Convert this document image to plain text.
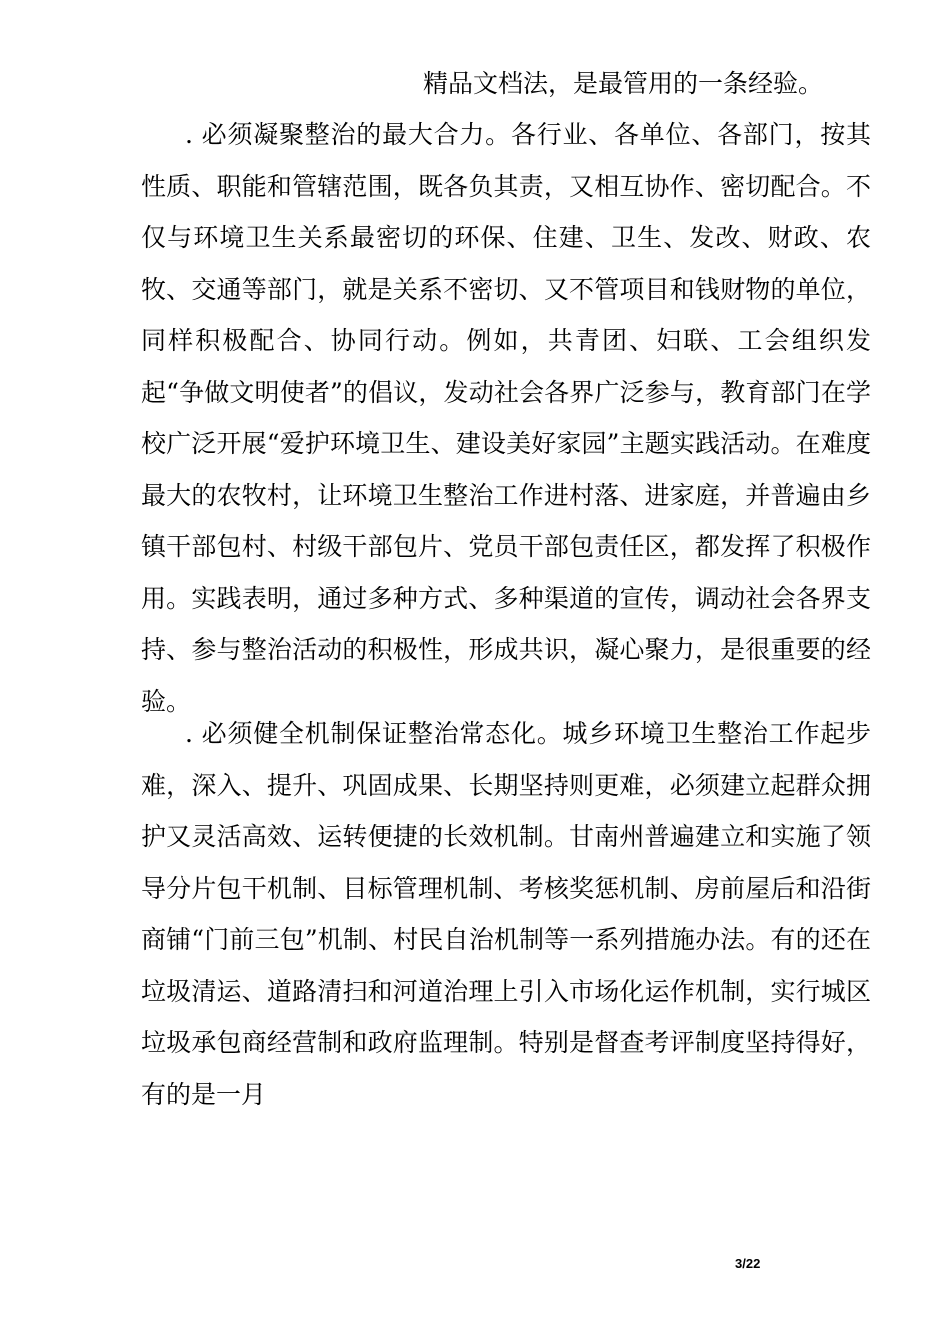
精品文档法，是最管用的一条经验。

. 必须凝聚整治的最大合力。各行业、各单位、各部门，按其性质、职能和管辖范围，既各负其责，又相互协作、密切配合。不仅与环境卫生关系最密切的环保、住建、卫生、发改、财政、农牧、交通等部门，就是关系不密切、又不管项目和钱财物的单位，同样积极配合、协同行动。例如，共青团、妇联、工会组织发起“争做文明使者”的倡议，发动社会各界广泛参与，教育部门在学校广泛开展“爱护环境卫生、建设美好家园”主题实践活动。在难度最大的农牧村，让环境卫生整治工作进村落、进家庭，并普遍由乡镇干部包村、村级干部包片、党员干部包责任区，都发挥了积极作用。实践表明，通过多种方式、多种渠道的宣传，调动社会各界支持、参与整治活动的积极性，形成共识，凝心聚力，是很重要的经验。

. 必须健全机制保证整治常态化。城乡环境卫生整治工作起步难，深入、提升、巩固成果、长期坚持则更难，必须建立起群众拥护又灵活高效、运转便捷的长效机制。甘南州普遍建立和实施了领导分片包干机制、目标管理机制、考核奖惩机制、房前屋后和沿街商铺“门前三包”机制、村民自治机制等一系列措施办法。有的还在垃圾清运、道路清扫和河道治理上引入市场化运作机制，实行城区垃圾承包商经营制和政府监理制。特别是督查考评制度坚持得好，有的是一月

3/22
